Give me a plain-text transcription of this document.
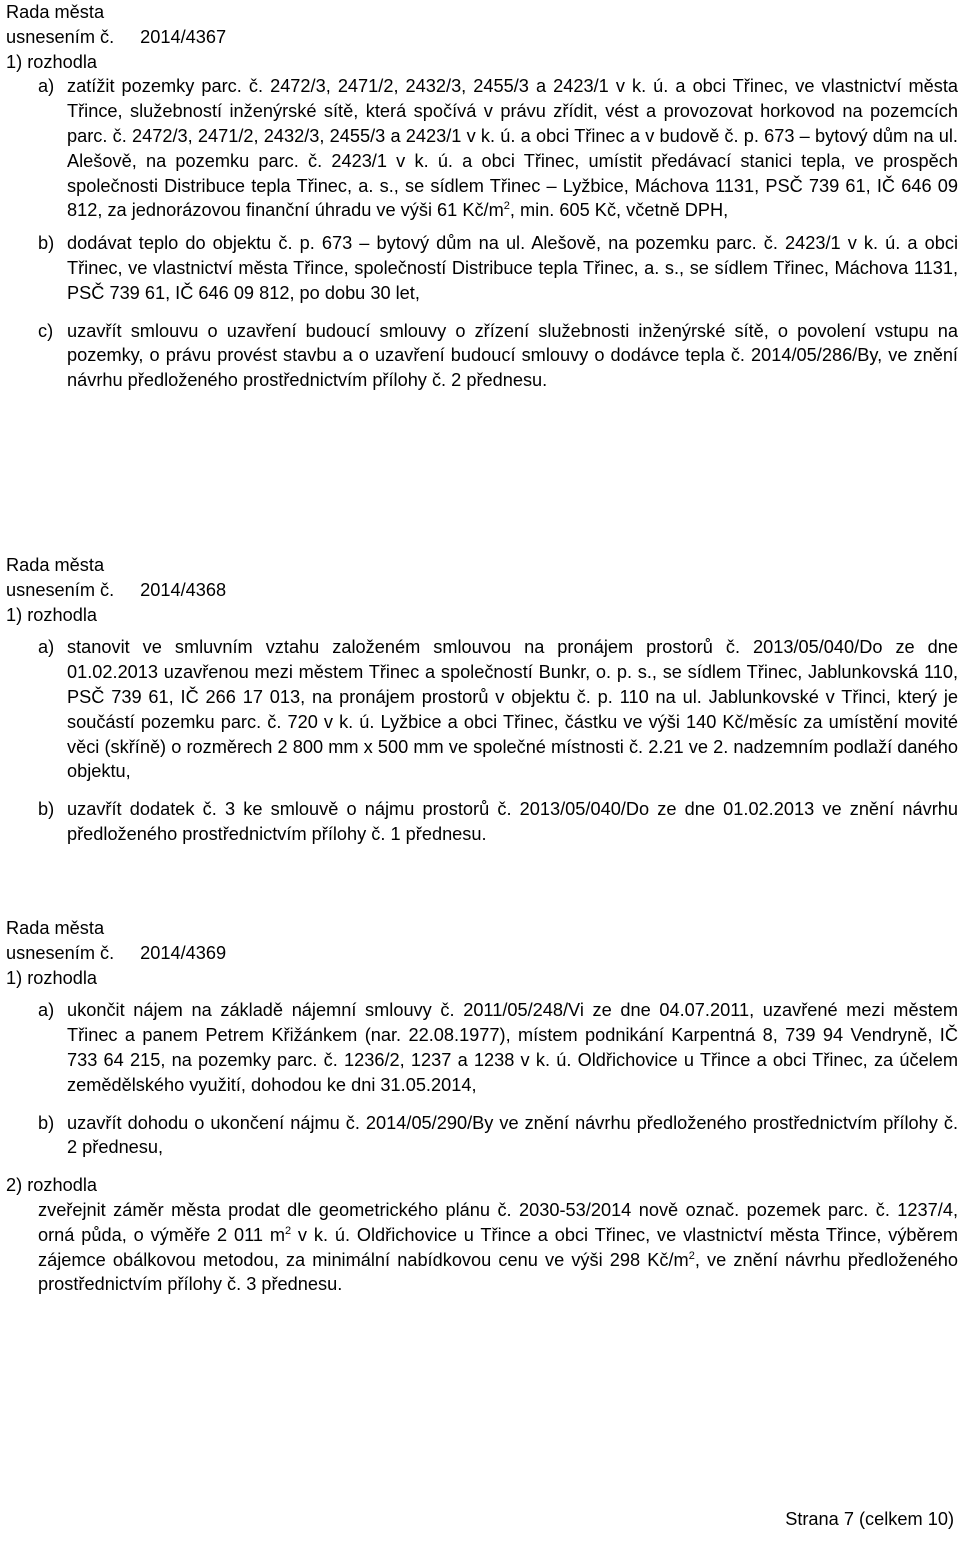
Rada města
usnesením č. 2014/4367
1) rozhodla
a) zatížit pozemky parc. č. 2472/3, 2471/2, 2432/3, 2455/3 a 2423/1 v k. ú. a obci Třinec, ve vlastnictví města Třince, služebností inženýrské sítě, která spočívá v právu zřídit, vést a provozovat horkovod na pozemcích parc. č. 2472/3, 2471/2, 2432/3, 2455/3 a 2423/1 v k. ú. a obci Třinec a v budově č. p. 673 – bytový dům na ul. Alešově, na pozemku parc. č. 2423/1 v k. ú. a obci Třinec, umístit předávací stanici tepla, ve prospěch společnosti Distribuce tepla Třinec, a. s., se sídlem Třinec – Lyžbice, Máchova 1131, PSČ 739 61, IČ 646 09 812, za jednorázovou finanční úhradu ve výši 61 $Kč/m^2$, min. 605 Kč, včetně DPH,
b) dodávat teplo do objektu č. p. 673 – bytový dům na ul. Alešově, na pozemku parc. č. 2423/1 v k. ú. a obci Třinec, ve vlastnictví města Třince, společností Distribuce tepla Třinec, a. s., se sídlem Třinec, Máchova 1131, PSČ 739 61, IČ 646 09 812, po dobu 30 let,
c) uzavřít smlouvu o uzavření budoucí smlouvy o zřízení služebnosti inženýrské sítě, o povolení vstupu na pozemky, o právu provést stavbu a o uzavření budoucí smlouvy o dodávce tepla č. 2014/05/286/By, ve znění návrhu předloženého prostřednictvím přílohy č. 2 přednesu.
Rada města
usnesením č. 2014/4368
1) rozhodla
a) stanovit ve smluvním vztahu založeném smlouvou na pronájem prostorů č. 2013/05/040/Do ze dne 01.02.2013 uzavřenou mezi městem Třinec a společností Bunkr, o. p. s., se sídlem Třinec, Jablunkovská 110, PSČ 739 61, IČ 266 17 013, na pronájem prostorů v objektu č. p. 110 na ul. Jablunkovské v Třinci, který je součástí pozemku parc. č. 720 v k. ú. Lyžbice a obci Třinec, částku ve výši 140 Kč/měsíc za umístění movité věci (skříně) o rozměrech 2 800 mm x 500 mm ve společné místnosti č. 2.21 ve 2. nadzemním podlaží daného objektu,
b) uzavřít dodatek č. 3 ke smlouvě o nájmu prostorů č. 2013/05/040/Do ze dne 01.02.2013 ve znění návrhu předloženého prostřednictvím přílohy č. 1 přednesu.
Rada města
usnesením č. 2014/4369
1) rozhodla
a) ukončit nájem na základě nájemní smlouvy č. 2011/05/248/Vi ze dne 04.07.2011, uzavřené mezi městem Třinec a panem Petrem Křižánkem (nar. 22.08.1977), místem podnikání Karpentná 8, 739 94 Vendryně, IČ 733 64 215, na pozemky parc. č. 1236/2, 1237 a 1238 v k. ú. Oldřichovice u Třince a obci Třinec, za účelem zemědělského využití, dohodou ke dni 31.05.2014,
b) uzavřít dohodu o ukončení nájmu č. 2014/05/290/By ve znění návrhu předloženého prostřednictvím přílohy č. 2 přednesu,
2) rozhodla
zveřejnit záměr města prodat dle geometrického plánu č. 2030-53/2014 nově označ. pozemek parc. č. 1237/4, orná půda, o výměře 2 011 $m^2$ v k. ú. Oldřichovice u Třince a obci Třinec, ve vlastnictví města Třince, výběrem zájemce obálkovou metodou, za minimální nabídkovou cenu ve výši 298 $Kč/m^2$, ve znění návrhu předloženého prostřednictvím přílohy č. 3 přednesu.
Strana 7 (celkem 10)
